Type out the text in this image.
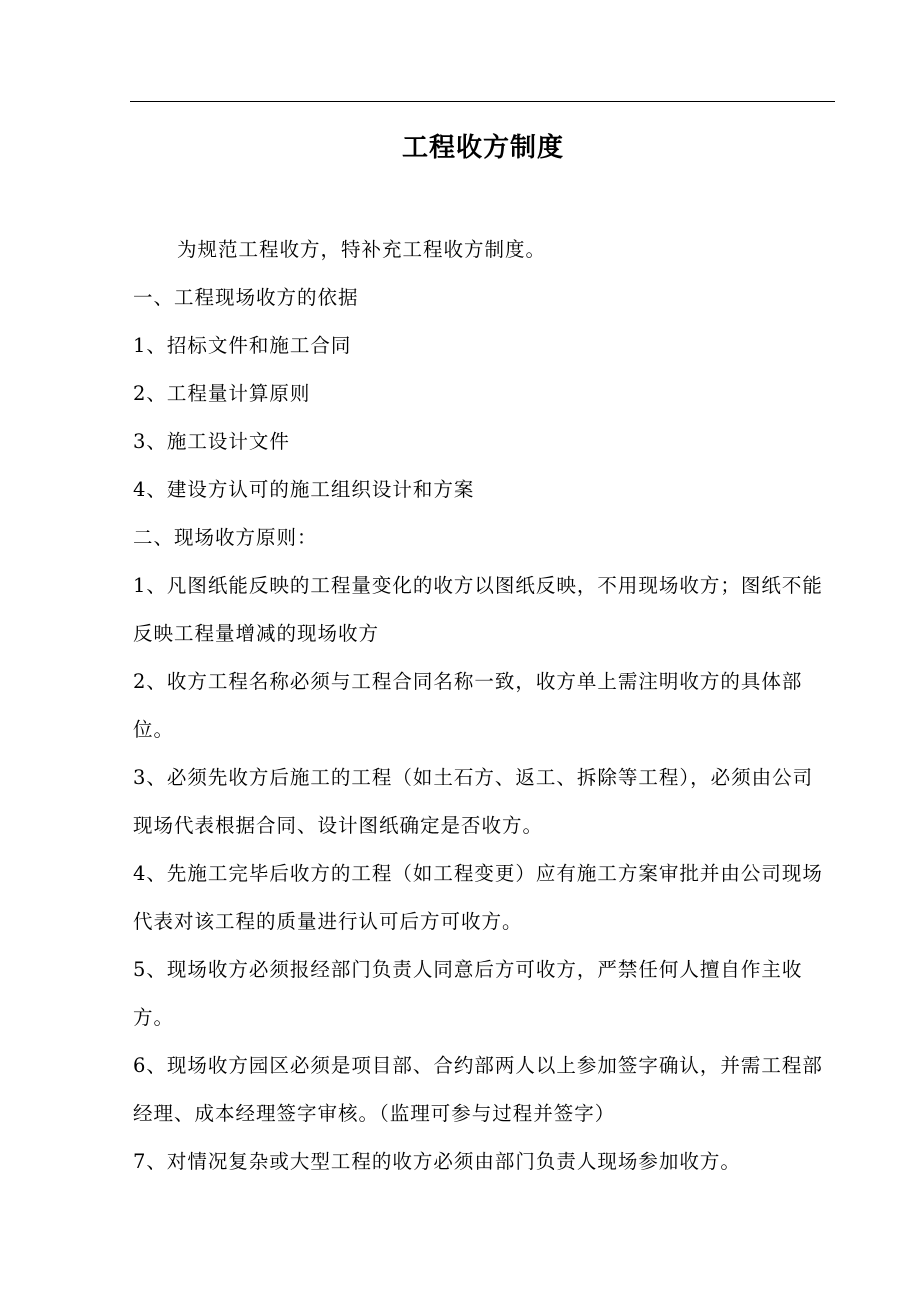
工程收方制度

为规范工程收方，特补充工程收方制度。

一、工程现场收方的依据

1、招标文件和施工合同

2、工程量计算原则

3、施工设计文件

4、建设方认可的施工组织设计和方案

二、现场收方原则：

1、凡图纸能反映的工程量变化的收方以图纸反映，不用现场收方；图纸不能反映工程量增减的现场收方

2、收方工程名称必须与工程合同名称一致，收方单上需注明收方的具体部位。

3、必须先收方后施工的工程（如土石方、返工、拆除等工程），必须由公司现场代表根据合同、设计图纸确定是否收方。

4、先施工完毕后收方的工程（如工程变更）应有施工方案审批并由公司现场代表对该工程的质量进行认可后方可收方。

5、现场收方必须报经部门负责人同意后方可收方，严禁任何人擅自作主收方。

6、现场收方园区必须是项目部、合约部两人以上参加签字确认，并需工程部经理、成本经理签字审核。（监理可参与过程并签字）

7、对情况复杂或大型工程的收方必须由部门负责人现场参加收方。
